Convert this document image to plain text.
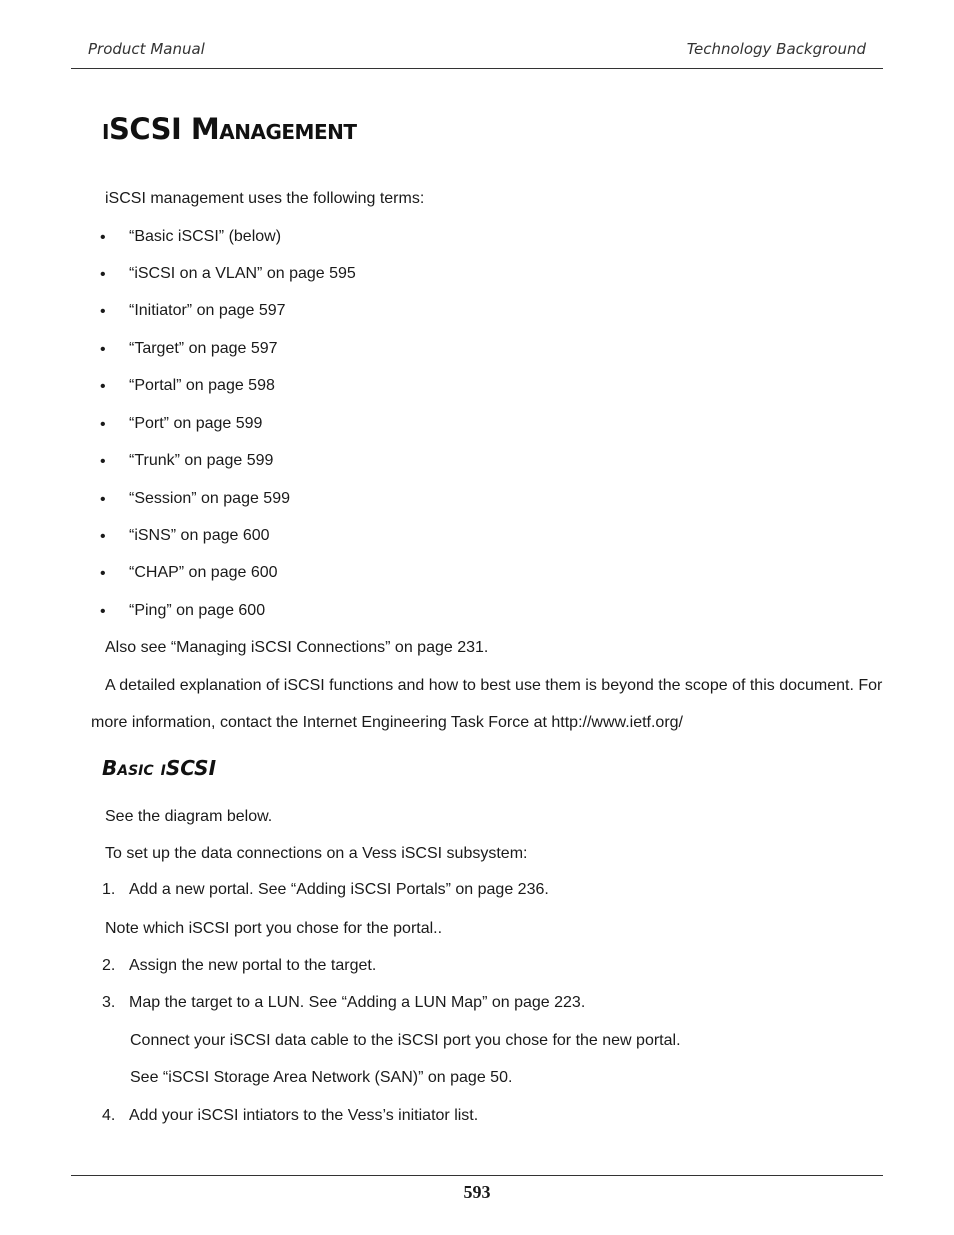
Product Manual	Technology Background
iSCSI Management
iSCSI management uses the following terms:
• “Basic iSCSI” (below)
• “iSCSI on a VLAN” on page 595
• “Initiator” on page 597
• “Target” on page 597
• “Portal” on page 598
• “Port” on page 599
• “Trunk” on page 599
• “Session” on page 599
• “iSNS” on page 600
• “CHAP” on page 600
• “Ping” on page 600
Also see “Managing iSCSI Connections” on page 231.
A detailed explanation of iSCSI functions and how to best use them is beyond the scope of this document. For
more information, contact the Internet Engineering Task Force at http://www.ietf.org/
Basic iSCSI
See the diagram below.
To set up the data connections on a Vess iSCSI subsystem:
1. Add a new portal. See “Adding iSCSI Portals” on page 236.
Note which iSCSI port you chose for the portal..
2. Assign the new portal to the target.
3. Map the target to a LUN. See “Adding a LUN Map” on page 223.
Connect your iSCSI data cable to the iSCSI port you chose for the new portal.
See “iSCSI Storage Area Network (SAN)” on page 50.
4. Add your iSCSI intiators to the Vess’s initiator list.
593
